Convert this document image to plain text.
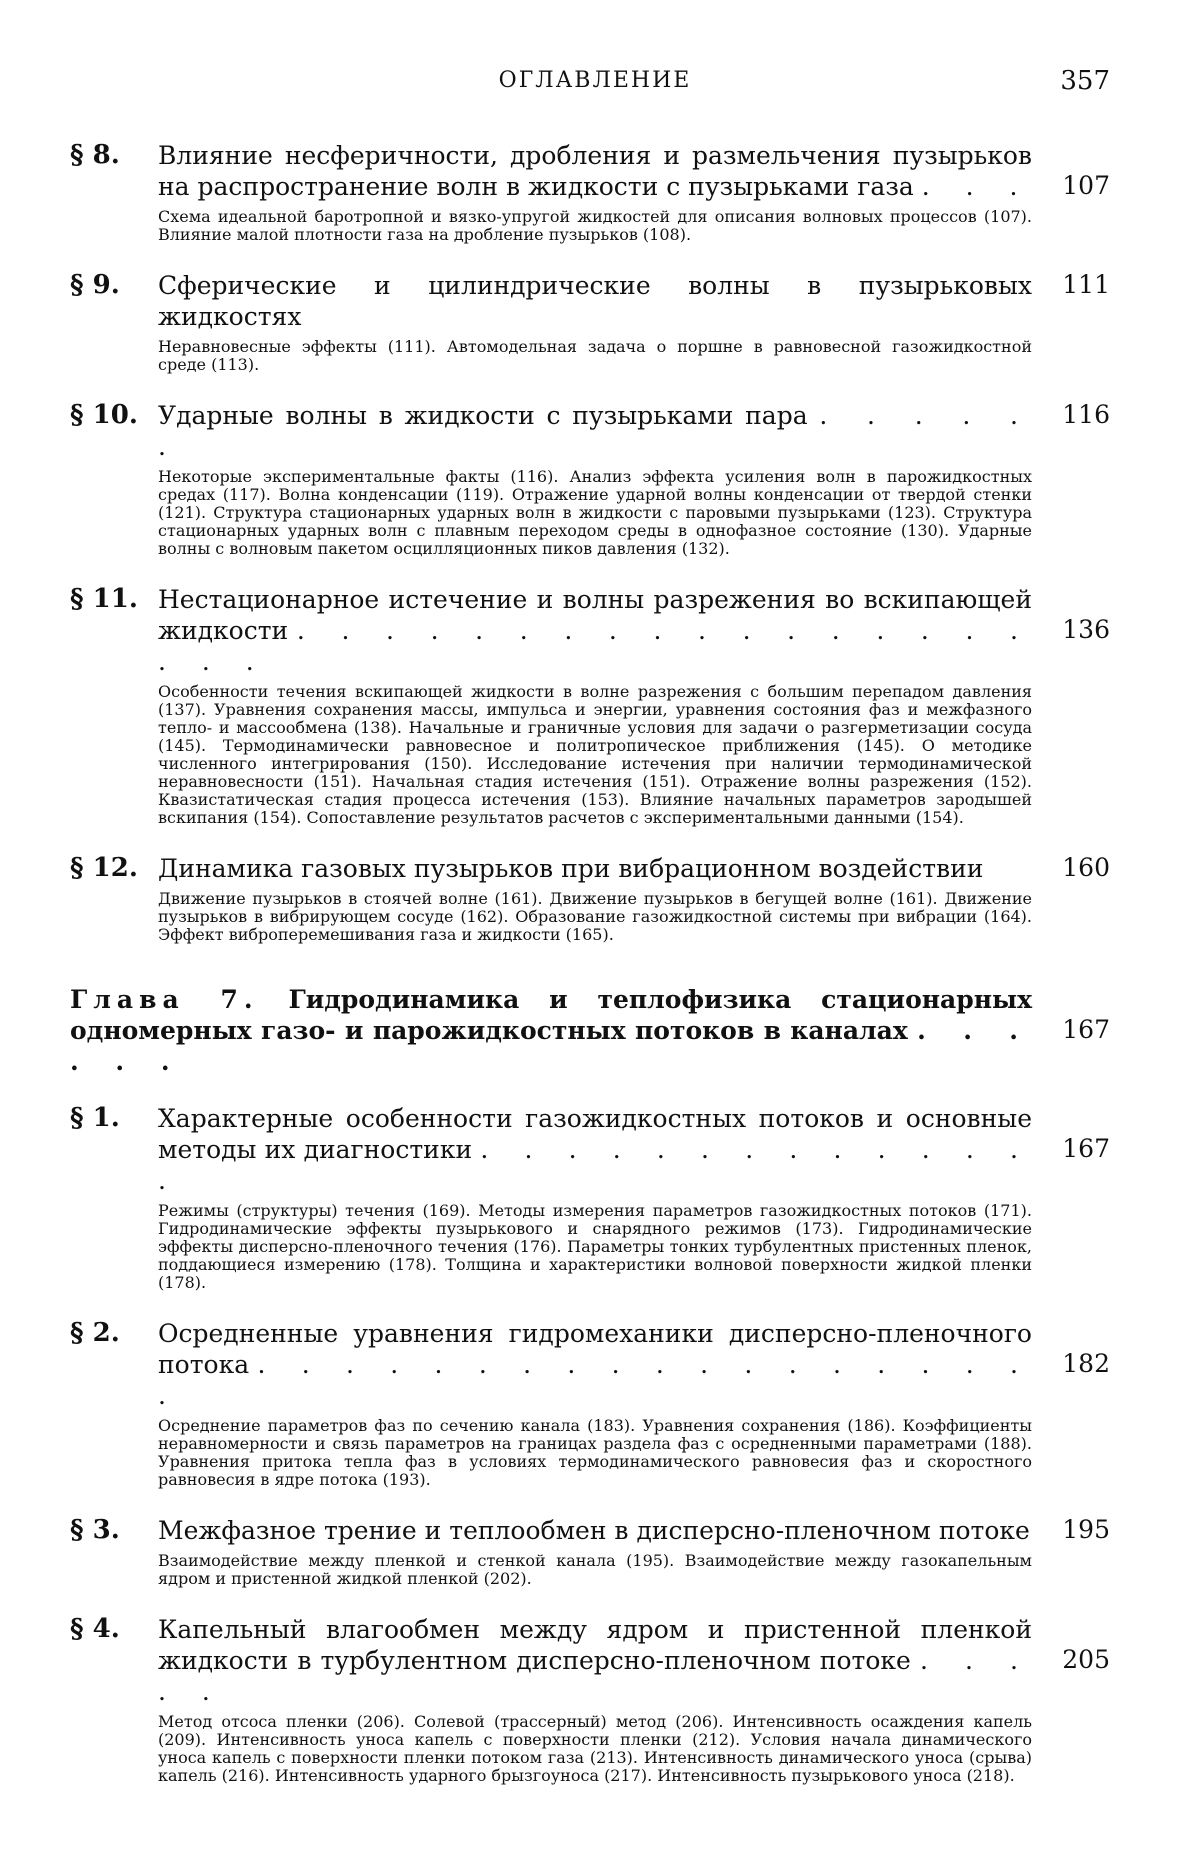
ОГЛАВЛЕНИЕ	357
§ 8.	Влияние несферичности, дробления и размельчения пузырьков на распространение волн в жидкости с пузырьками газа . . .	107
Схема идеальной баротропной и вязко-упругой жидкостей для описания волновых процессов (107). Влияние малой плотности газа на дробление пузырьков (108).
§ 9.	Сферические и цилиндрические волны в пузырьковых жидкостях
111
Неравновесные эффекты (111). Автомодельная задача о поршне в равновесной газожидкостной среде (113).
§ 10. Ударные волны в жидкости с пузырьками пара . . . . . .
116
Некоторые экспериментальные факты (116). Анализ эффекта усиления волн в парожидкостных средах (117). Волна конденсации (119). Отражение ударной волны конденсации от твердой стенки (121). Структура стационарных ударных волн в жидкости с паровыми пузырьками (123). Структура стационарных ударных волн с плавным переходом среды в однофазное состояние (130). Ударные волны с волновым пакетом осцилляционных пиков давления (132).
§ 11. Нестационарное истечение и волны разрежения во вскипающей жидкости . . . . . . . . . . . . . . . . . . . .
136
Особенности течения вскипающей жидкости в волне разрежения с большим перепадом давления (137). Уравнения сохранения массы, импульса и энергии, уравнения состояния фаз и межфазного тепло- и массообмена (138). Начальные и граничные условия для задачи о разгерметизации сосуда (145). Термодинамически равновесное и политропическое приближения (145). О методике численного интегрирования (150). Исследование истечения при наличии термодинамической неравновесности (151). Начальная стадия истечения (151). Отражение волны разрежения (152). Квазистатическая стадия процесса истечения (153). Влияние начальных параметров зародышей вскипания (154). Сопоставление результатов расчетов с экспериментальными данными (154).
§ 12. Динамика газовых пузырьков при вибрационном воздействии	160
Движение пузырьков в стоячей волне (161). Движение пузырьков в бегущей волне (161). Движение пузырьков в вибрирующем сосуде (162). Образование газожидкостной системы при вибрации (164). Эффект виброперемешивания газа и жидкости (165).
Глава 7. Гидродинамика и теплофизика стационарных одномерных газо- и парожидкостных потоков в каналах . . . . . .
167
§ 1.	Характерные особенности газожидкостных потоков и основные методы их диагностики . . . . . . . . . . . . . .
167
Режимы (структуры) течения (169). Методы измерения параметров газожидкостных потоков (171). Гидродинамические эффекты пузырькового и снарядного режимов (173). Гидродинамические эффекты дисперсно-пленочного течения (176). Параметры тонких турбулентных пристенных пленок, поддающиеся измерению (178). Толщина и характеристики волновой поверхности жидкой пленки (178).
§ 2.	Осредненные уравнения гидромеханики дисперсно-пленочного потока . . . . . . . . . . . . . . . . . . .
182
Осреднение параметров фаз по сечению канала (183). Уравнения сохранения (186). Коэффициенты неравномерности и связь параметров на границах раздела фаз с осредненными параметрами (188). Уравнения притока тепла фаз в условиях термодинамического равновесия фаз и скоростного равновесия в ядре потока (193).
§ 3.	Межфазное трение и теплообмен в дисперсно-пленочном потоке	195
Взаимодействие между пленкой и стенкой канала (195). Взаимодействие между газокапельным ядром и пристенной жидкой пленкой (202).
§ 4.	Капельный влагообмен между ядром и пристенной пленкой жидкости в турбулентном дисперсно-пленочном потоке . . . . .
205
Метод отсоса пленки (206). Солевой (трассерный) метод (206). Интенсивность осаждения капель (209). Интенсивность уноса капель с поверхности пленки (212). Условия начала динамического уноса капель с поверхности пленки потоком газа (213). Интенсивность динамического уноса (срыва) капель (216). Интенсивность ударного брызгоуноса (217). Интенсивность пузырькового уноса (218).
